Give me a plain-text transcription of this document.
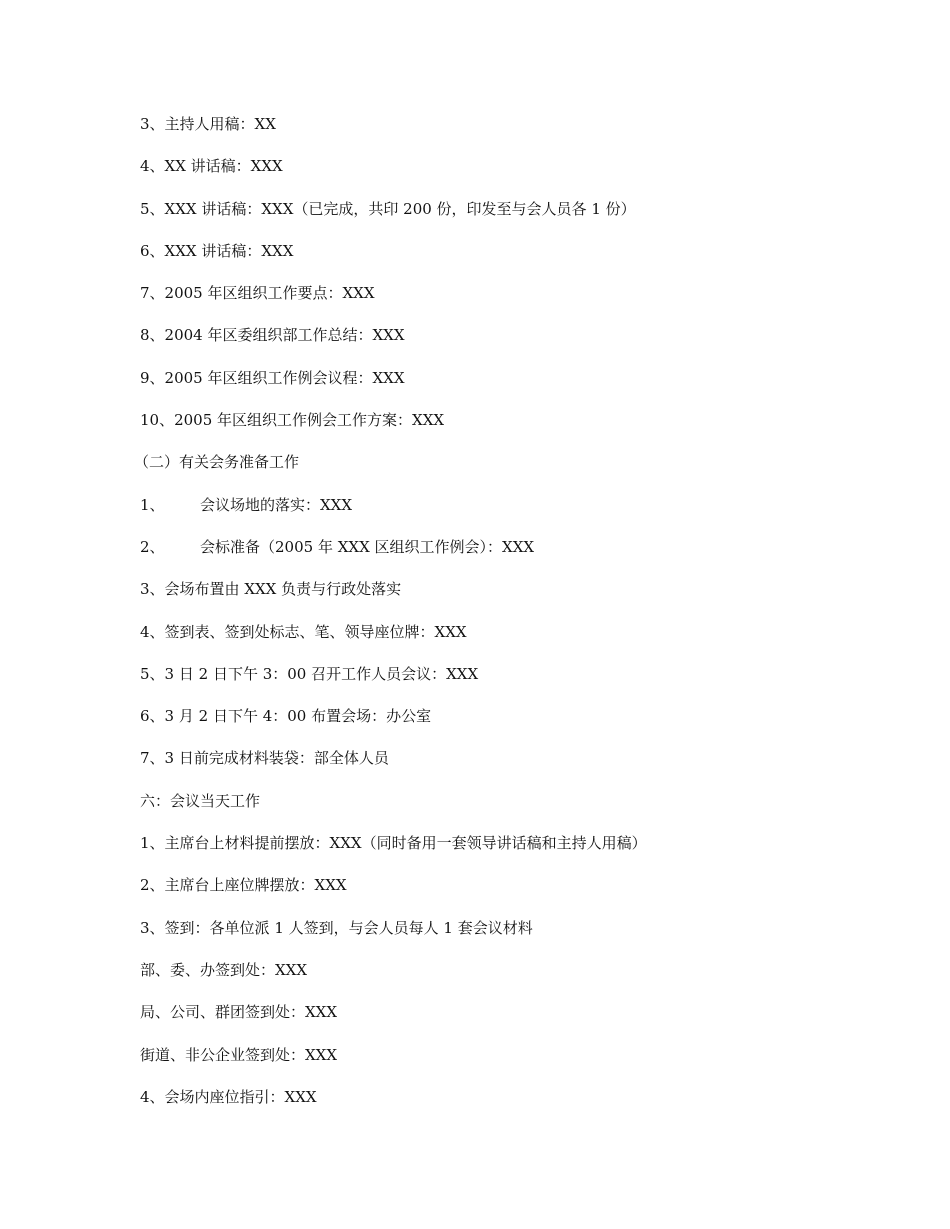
3、主持人用稿：XX
4、XX 讲话稿：XXX
5、XXX 讲话稿：XXX（已完成，共印 200 份，印发至与会人员各 1 份）
6、XXX 讲话稿：XXX
7、2005 年区组织工作要点：XXX
8、2004 年区委组织部工作总结：XXX
9、2005 年区组织工作例会议程：XXX
10、2005 年区组织工作例会工作方案：XXX
（二）有关会务准备工作
1、 会议场地的落实：XXX
2、 会标准备（2005 年 XXX 区组织工作例会）：XXX
3、会场布置由 XXX 负责与行政处落实
4、签到表、签到处标志、笔、领导座位牌：XXX
5、3 日 2 日下午 3：00 召开工作人员会议：XXX
6、3 月 2 日下午 4：00 布置会场：办公室
7、3 日前完成材料装袋：部全体人员
六：会议当天工作
1、主席台上材料提前摆放：XXX（同时备用一套领导讲话稿和主持人用稿）
2、主席台上座位牌摆放：XXX
3、签到：各单位派 1 人签到，与会人员每人 1 套会议材料
部、委、办签到处：XXX
局、公司、群团签到处：XXX
街道、非公企业签到处：XXX
4、会场内座位指引：XXX
